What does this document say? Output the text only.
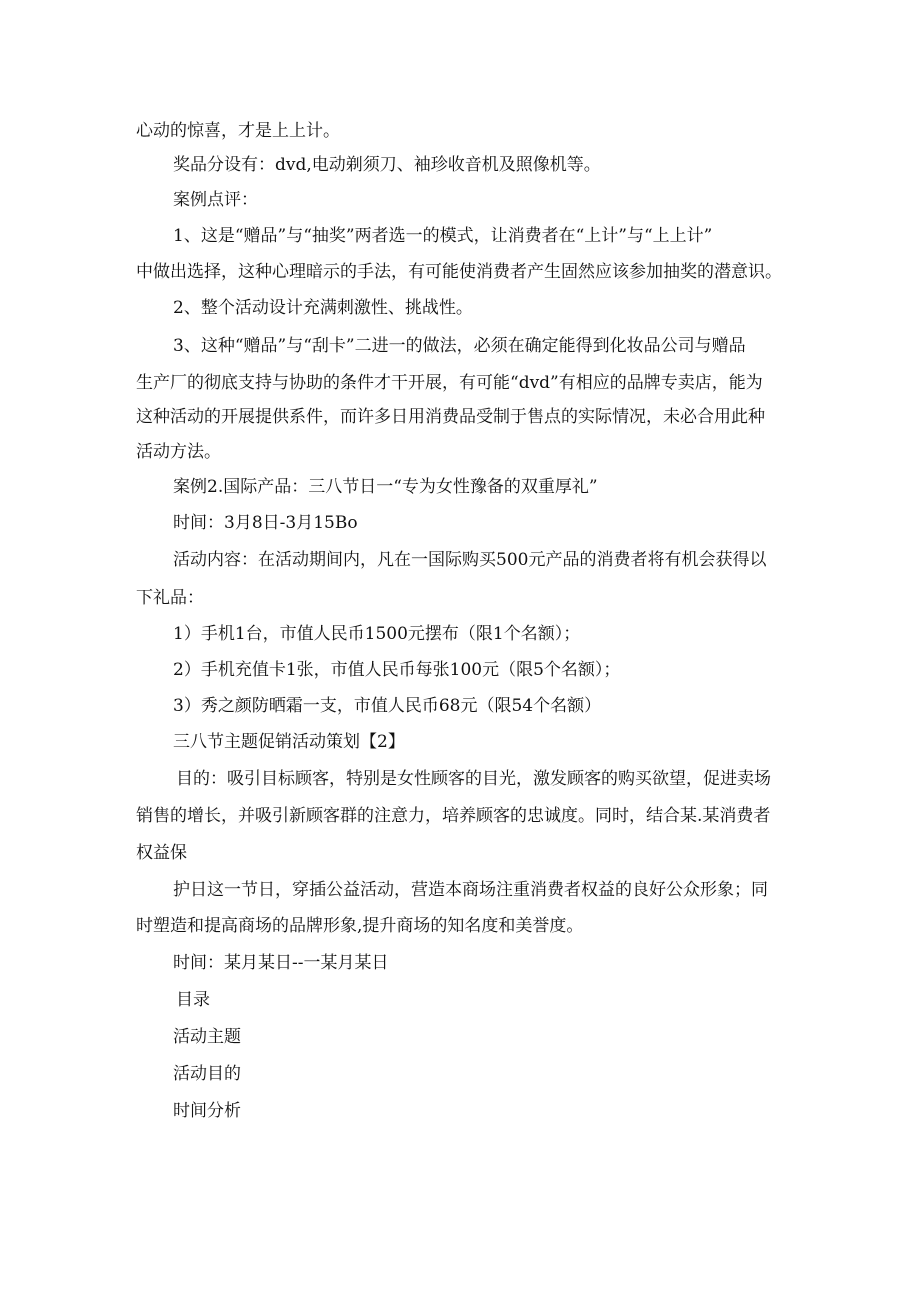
心动的惊喜，才是上上计。
奖品分设有：dvd,电动剃须刀、袖珍收音机及照像机等。
案例点评：
1、这是“赠品”与“抽奖”两者选一的模式，让消费者在“上计”与“上上计”
中做出选择，这种心理暗示的手法，有可能使消费者产生固然应该参加抽奖的潜意识。
2、整个活动设计充满刺激性、挑战性。
3、这种“赠品”与“刮卡”二进一的做法，必须在确定能得到化妆品公司与赠品
生产厂的彻底支持与协助的条件才干开展，有可能“dvd”有相应的品牌专卖店，能为
这种活动的开展提供系件，而许多日用消费品受制于售点的实际情况，未必合用此种
活动方法。
案例2.国际产品：三八节日一“专为女性豫备的双重厚礼”
时间：3月8日-3月15Bo
活动内容：在活动期间内，凡在一国际购买500元产品的消费者将有机会获得以
下礼品：
1）手机1台，市值人民币1500元摆布（限1个名额）；
2）手机充值卡1张，市值人民币每张100元（限5个名额）；
3）秀之颜防晒霜一支，市值人民币68元（限54个名额）
三八节主题促销活动策划【2】
目的：吸引目标顾客，特别是女性顾客的目光，激发顾客的购买欲望，促进卖场
销售的增长，并吸引新顾客群的注意力，培养顾客的忠诚度。同时，结合某.某消费者
权益保
护日这一节日，穿插公益活动，营造本商场注重消费者权益的良好公众形象；同
时塑造和提高商场的品牌形象,提升商场的知名度和美誉度。
时间：某月某日--一某月某日
目录
活动主题
活动目的
时间分析
